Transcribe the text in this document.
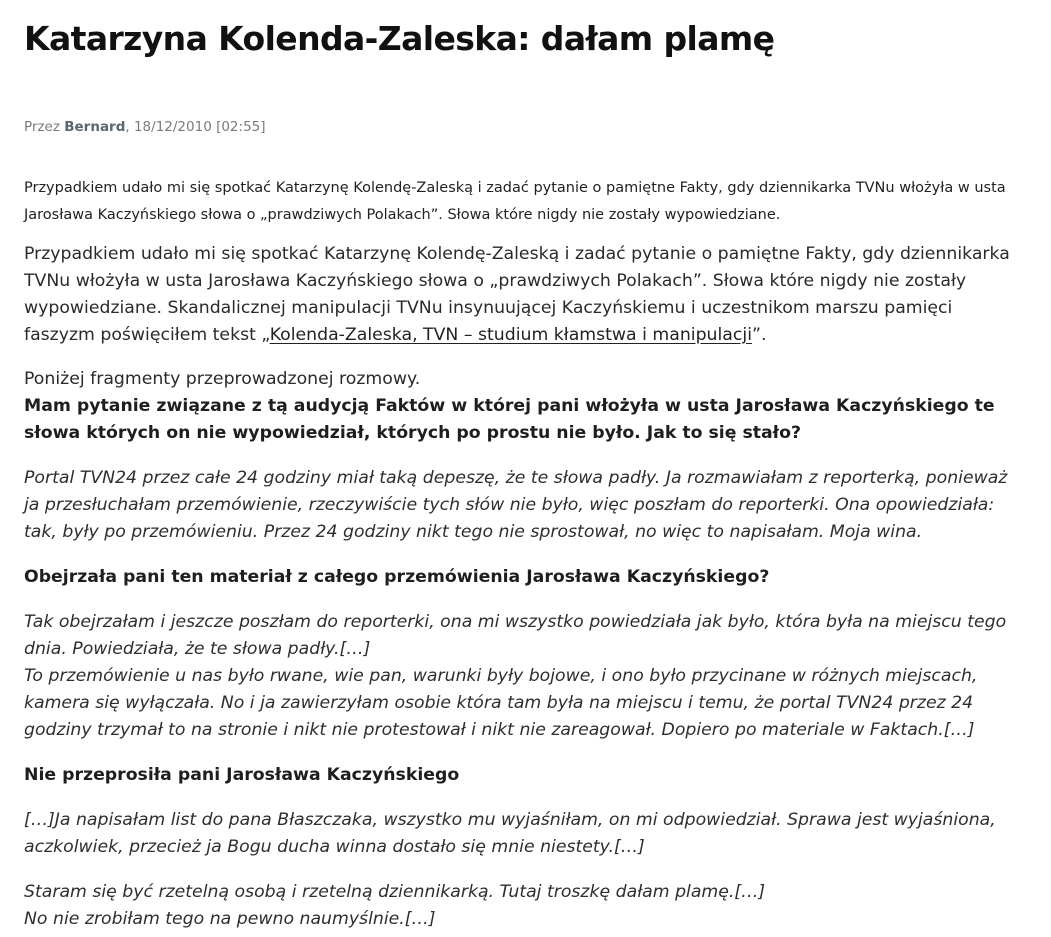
Katarzyna Kolenda-Zaleska: dałam plamę
Przez Bernard, 18/12/2010 [02:55]
Przypadkiem udało mi się spotkać Katarzynę Kolendę-Zaleską i zadać pytanie o pamiętne Fakty, gdy dziennikarka TVNu włożyła w usta Jarosława Kaczyńskiego słowa o „prawdziwych Polakach”. Słowa które nigdy nie zostały wypowiedziane.

Przypadkiem udało mi się spotkać Katarzynę Kolendę-Zaleską i zadać pytanie o pamiętne Fakty, gdy dziennikarka TVNu włożyła w usta Jarosława Kaczyńskiego słowa o „prawdziwych Polakach”. Słowa które nigdy nie zostały wypowiedziane. Skandalicznej manipulacji TVNu insynuującej Kaczyńskiemu i uczestnikom marszu pamięci faszyzm poświęciłem tekst „Kolenda-Zaleska, TVN – studium kłamstwa i manipulacji”.

Poniżej fragmenty przeprowadzonej rozmowy.
Mam pytanie związane z tą audycją Faktów w której pani włożyła w usta Jarosława Kaczyńskiego te słowa których on nie wypowiedział, których po prostu nie było. Jak to się stało?

Portal TVN24 przez całe 24 godziny miał taką depeszę, że te słowa padły. Ja rozmawiałam z reporterką, ponieważ ja przesłuchałam przemówienie, rzeczywiście tych słów nie było, więc poszłam do reporterki. Ona opowiedziała: tak, były po przemówieniu. Przez 24 godziny nikt tego nie sprostował, no więc to napisałam. Moja wina.

Obejrzała pani ten materiał z całego przemówienia Jarosława Kaczyńskiego?

Tak obejrzałam i jeszcze poszłam do reporterki, ona mi wszystko powiedziała jak było, która była na miejscu tego dnia. Powiedziała, że te słowa padły.[…]
To przemówienie u nas było rwane, wie pan, warunki były bojowe, i ono było przycinane w różnych miejscach, kamera się wyłączała. No i ja zawierzyłam osobie która tam była na miejscu i temu, że portal TVN24 przez 24 godziny trzymał to na stronie i nikt nie protestował i nikt nie zareagował. Dopiero po materiale w Faktach.[…]

Nie przeprosiła pani Jarosława Kaczyńskiego

[…]Ja napisałam list do pana Błaszczaka, wszystko mu wyjaśniłam, on mi odpowiedział. Sprawa jest wyjaśniona, aczkolwiek, przecież ja Bogu ducha winna dostało się mnie niestety.[…]

Staram się być rzetelną osobą i rzetelną dziennikarką. Tutaj troszkę dałam plamę.[…]
No nie zrobiłam tego na pewno naumyślnie.[…]
